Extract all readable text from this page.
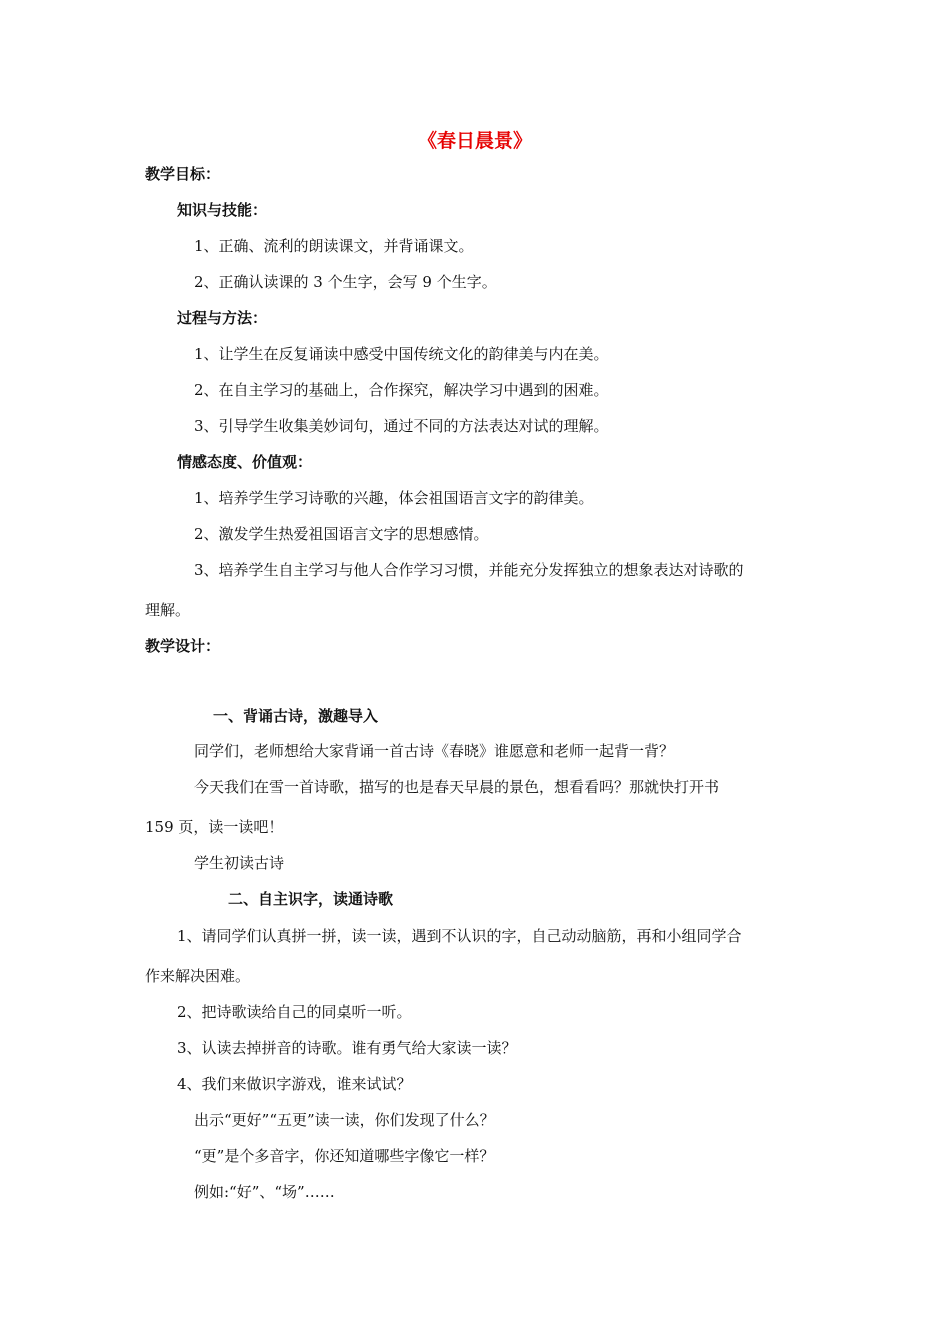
《春日晨景》
教学目标：
知识与技能：
1、正确、流利的朗读课文，并背诵课文。
2、正确认读课的 3 个生字，会写 9 个生字。
过程与方法：
1、让学生在反复诵读中感受中国传统文化的韵律美与内在美。
2、在自主学习的基础上，合作探究，解决学习中遇到的困难。
3、引导学生收集美妙词句，通过不同的方法表达对试的理解。
情感态度、价值观：
1、培养学生学习诗歌的兴趣，体会祖国语言文字的韵律美。
2、激发学生热爱祖国语言文字的思想感情。
3、培养学生自主学习与他人合作学习习惯，并能充分发挥独立的想象表达对诗歌的
理解。
教学设计：
一、背诵古诗，激趣导入
同学们，老师想给大家背诵一首古诗《春晓》谁愿意和老师一起背一背？
今天我们在雪一首诗歌，描写的也是春天早晨的景色，想看看吗？那就快打开书
159 页，读一读吧！
学生初读古诗
二、自主识字，读通诗歌
1、请同学们认真拼一拼，读一读，遇到不认识的字，自己动动脑筋，再和小组同学合
作来解决困难。
2、把诗歌读给自己的同桌听一听。
3、认读去掉拼音的诗歌。谁有勇气给大家读一读？
4、我们来做识字游戏，谁来试试？
出示“更好”“五更”读一读，你们发现了什么？
“更”是个多音字，你还知道哪些字像它一样？
例如:“好”、“场”……
